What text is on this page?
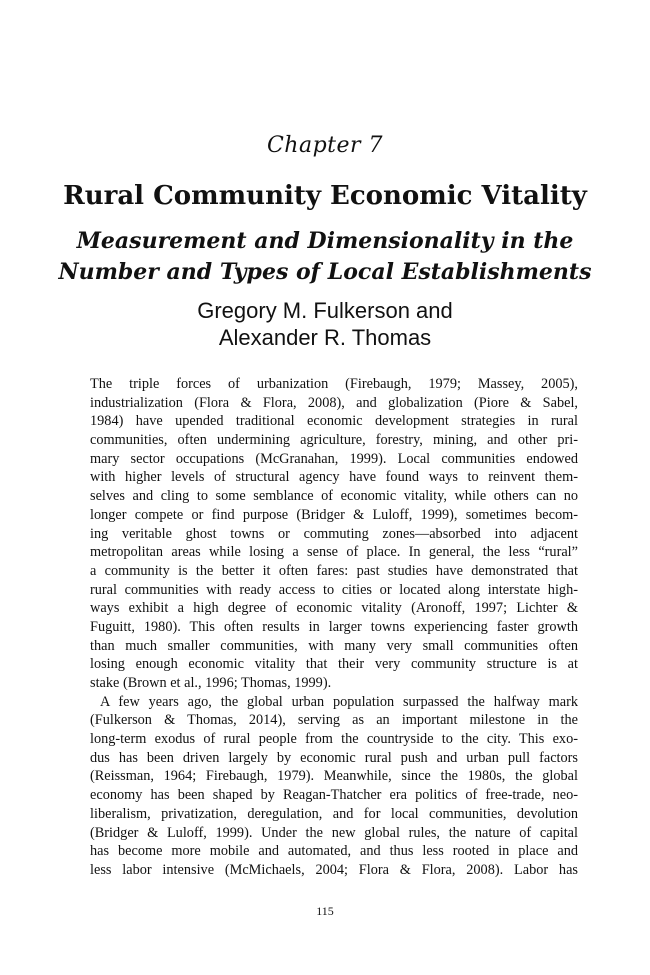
Chapter 7
Rural Community Economic Vitality
Measurement and Dimensionality in the
Number and Types of Local Establishments
Gregory M. Fulkerson and
Alexander R. Thomas
The triple forces of urbanization (Firebaugh, 1979; Massey, 2005),
industrialization (Flora & Flora, 2008), and globalization (Piore & Sabel,
1984) have upended traditional economic development strategies in rural
communities, often undermining agriculture, forestry, mining, and other pri-
mary sector occupations (McGranahan, 1999). Local communities endowed
with higher levels of structural agency have found ways to reinvent them-
selves and cling to some semblance of economic vitality, while others can no
longer compete or find purpose (Bridger & Luloff, 1999), sometimes becom-
ing veritable ghost towns or commuting zones—absorbed into adjacent
metropolitan areas while losing a sense of place. In general, the less “rural”
a community is the better it often fares: past studies have demonstrated that
rural communities with ready access to cities or located along interstate high-
ways exhibit a high degree of economic vitality (Aronoff, 1997; Lichter &
Fuguitt, 1980). This often results in larger towns experiencing faster growth
than much smaller communities, with many very small communities often
losing enough economic vitality that their very community structure is at
stake (Brown et al., 1996; Thomas, 1999).
A few years ago, the global urban population surpassed the halfway mark
(Fulkerson & Thomas, 2014), serving as an important milestone in the
long-term exodus of rural people from the countryside to the city. This exo-
dus has been driven largely by economic rural push and urban pull factors
(Reissman, 1964; Firebaugh, 1979). Meanwhile, since the 1980s, the global
economy has been shaped by Reagan-Thatcher era politics of free-trade, neo-
liberalism, privatization, deregulation, and for local communities, devolution
(Bridger & Luloff, 1999). Under the new global rules, the nature of capital
has become more mobile and automated, and thus less rooted in place and
less labor intensive (McMichaels, 2004; Flora & Flora, 2008). Labor has
115
